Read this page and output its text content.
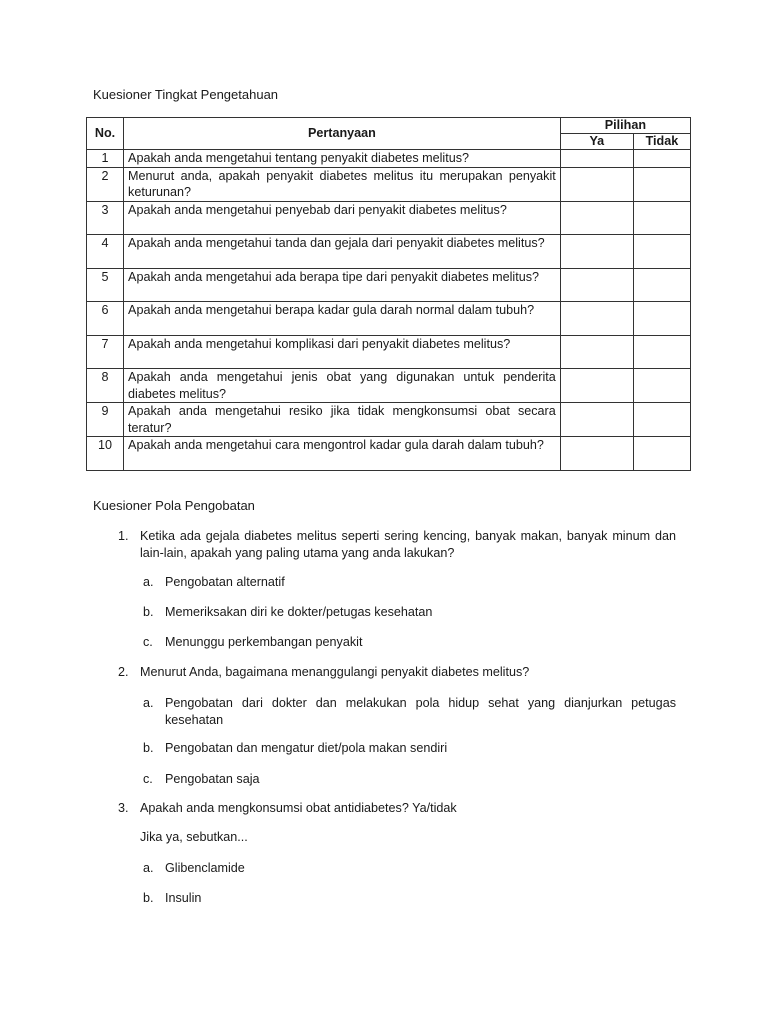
Kuesioner Tingkat Pengetahuan
No.	Pertanyaan	Pilihan	
		Ya	Tidak
1	Apakah anda mengetahui tentang penyakit diabetes melitus?		
2	Menurut anda, apakah penyakit diabetes melitus itu merupakan penyakit keturunan?		
3	Apakah anda mengetahui penyebab dari penyakit diabetes melitus?		
4	Apakah anda mengetahui tanda dan gejala dari penyakit diabetes melitus?		
5	Apakah anda mengetahui ada berapa tipe dari penyakit diabetes melitus?		
6	Apakah anda mengetahui berapa kadar gula darah normal dalam tubuh?		
7	Apakah anda mengetahui komplikasi dari penyakit diabetes melitus?		
8	Apakah anda mengetahui jenis obat yang digunakan untuk penderita diabetes melitus?		
9	Apakah anda mengetahui resiko jika tidak mengkonsumsi obat secara teratur?		
10	Apakah anda mengetahui cara mengontrol kadar gula darah dalam tubuh?		
Kuesioner Pola Pengobatan
1. Ketika ada gejala diabetes melitus seperti sering kencing, banyak makan, banyak minum dan lain-lain, apakah yang paling utama yang anda lakukan?
a. Pengobatan alternatif
b. Memeriksakan diri ke dokter/petugas kesehatan
c. Menunggu perkembangan penyakit
2. Menurut Anda, bagaimana menanggulangi penyakit diabetes melitus?
a. Pengobatan dari dokter dan melakukan pola hidup sehat yang dianjurkan petugas kesehatan
b. Pengobatan dan mengatur diet/pola makan sendiri
c. Pengobatan saja
3. Apakah anda mengkonsumsi obat antidiabetes? Ya/tidak
Jika ya, sebutkan...
a. Glibenclamide
b. Insulin
